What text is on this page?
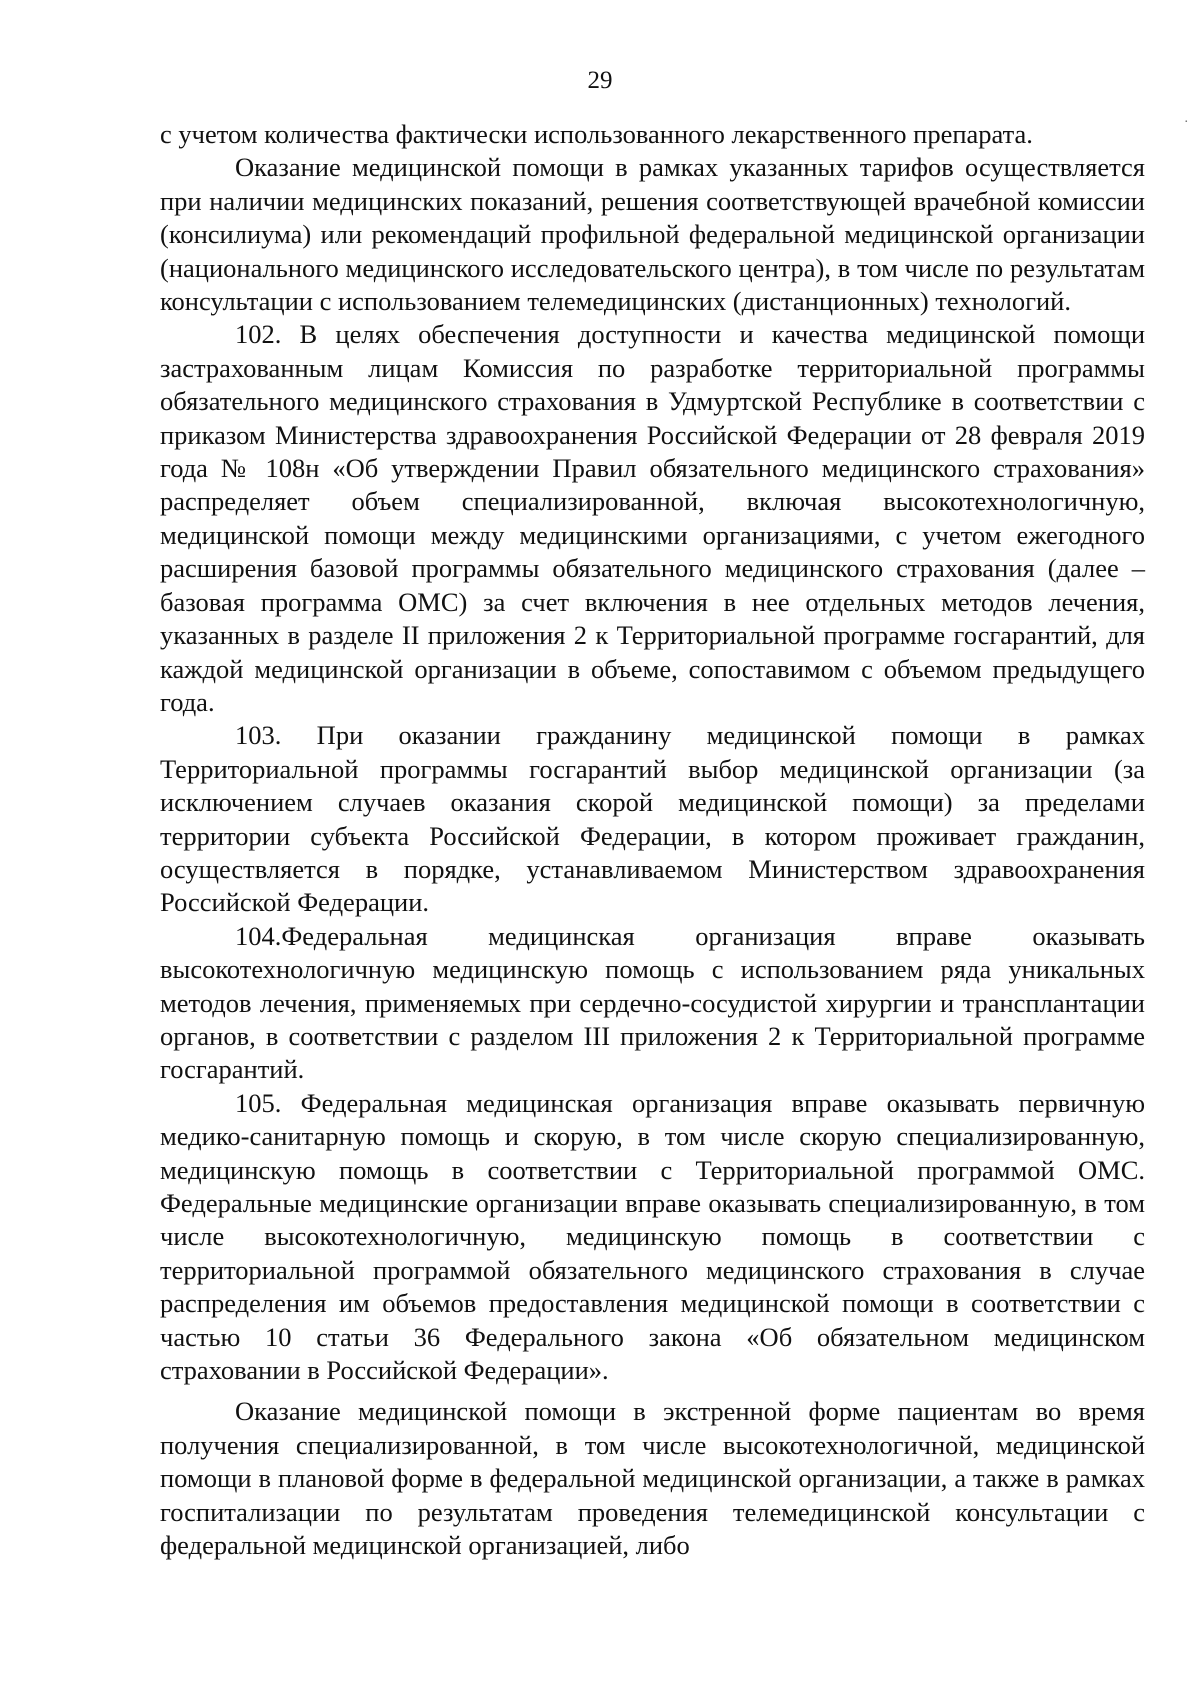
29
.

с учетом количества фактически использованного лекарственного препарата.

Оказание медицинской помощи в рамках указанных тарифов осуществляется при наличии медицинских показаний, решения соответствующей врачебной комиссии (консилиума) или рекомендаций профильной федеральной медицинской организации (национального медицинского исследовательского центра), в том числе по результатам консультации с использованием телемедицинских (дистанционных) технологий.

102. В целях обеспечения доступности и качества медицинской помощи застрахованным лицам Комиссия по разработке территориальной программы обязательного медицинского страхования в Удмуртской Республике в соответствии с приказом Министерства здравоохранения Российской Федерации от 28 февраля 2019 года № 108н «Об утверждении Правил обязательного медицинского страхования» распределяет объем специализированной, включая высокотехнологичную, медицинской помощи между медицинскими организациями, с учетом ежегодного расширения базовой программы обязательного медицинского страхования (далее – базовая программа ОМС) за счет включения в нее отдельных методов лечения, указанных в разделе II приложения 2 к Территориальной программе госгарантий, для каждой медицинской организации в объеме, сопоставимом с объемом предыдущего года.

103. При оказании гражданину медицинской помощи в рамках Территориальной программы госгарантий выбор медицинской организации (за исключением случаев оказания скорой медицинской помощи) за пределами территории субъекта Российской Федерации, в котором проживает гражданин, осуществляется в порядке, устанавливаемом Министерством здравоохранения Российской Федерации.

104.Федеральная медицинская организация вправе оказывать высокотехнологичную медицинскую помощь с использованием ряда уникальных методов лечения, применяемых при сердечно-сосудистой хирургии и трансплантации органов, в соответствии с разделом III приложения 2 к Территориальной программе госгарантий.

105. Федеральная медицинская организация вправе оказывать первичную медико-санитарную помощь и скорую, в том числе скорую специализированную, медицинскую помощь в соответствии с Территориальной программой ОМС. Федеральные медицинские организации вправе оказывать специализированную, в том числе высокотехнологичную, медицинскую помощь в соответствии с территориальной программой обязательного медицинского страхования в случае распределения им объемов предоставления медицинской помощи в соответствии с частью 10 статьи 36 Федерального закона «Об обязательном медицинском страховании в Российской Федерации».

Оказание медицинской помощи в экстренной форме пациентам во время получения специализированной, в том числе высокотехнологичной, медицинской помощи в плановой форме в федеральной медицинской организации, а также в рамках госпитализации по результатам проведения телемедицинской консультации с федеральной медицинской организацией, либо
